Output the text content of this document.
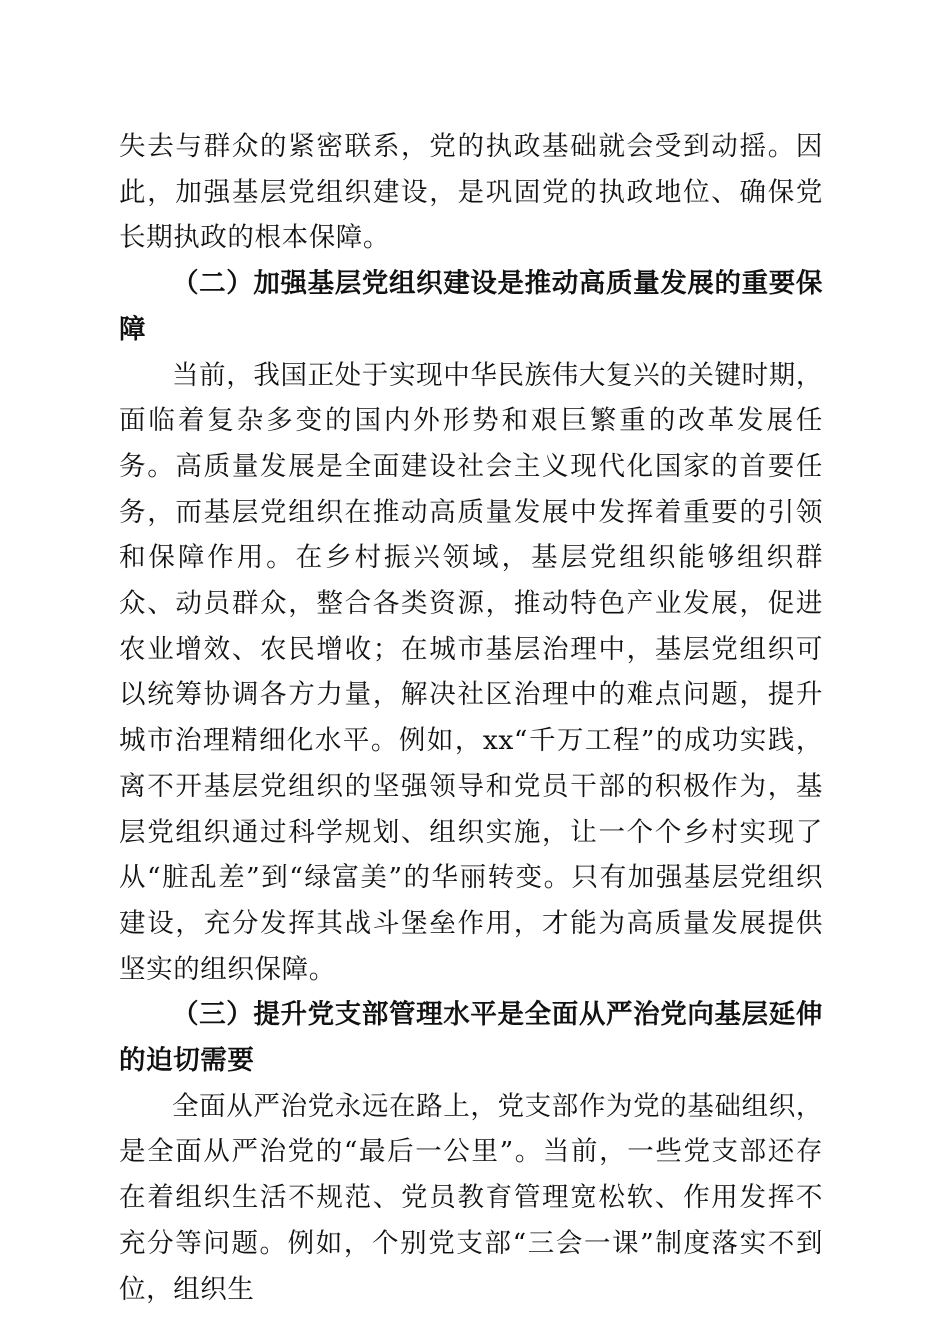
失去与群众的紧密联系，党的执政基础就会受到动摇。因此，加强基层党组织建设，是巩固党的执政地位、确保党长期执政的根本保障。

（二）加强基层党组织建设是推动高质量发展的重要保障

当前，我国正处于实现中华民族伟大复兴的关键时期，面临着复杂多变的国内外形势和艰巨繁重的改革发展任务。高质量发展是全面建设社会主义现代化国家的首要任务，而基层党组织在推动高质量发展中发挥着重要的引领和保障作用。在乡村振兴领域，基层党组织能够组织群众、动员群众，整合各类资源，推动特色产业发展，促进农业增效、农民增收；在城市基层治理中，基层党组织可以统筹协调各方力量，解决社区治理中的难点问题，提升城市治理精细化水平。例如，xx“千万工程”的成功实践，离不开基层党组织的坚强领导和党员干部的积极作为，基层党组织通过科学规划、组织实施，让一个个乡村实现了从“脏乱差”到“绿富美”的华丽转变。只有加强基层党组织建设，充分发挥其战斗堡垒作用，才能为高质量发展提供坚实的组织保障。

（三）提升党支部管理水平是全面从严治党向基层延伸的迫切需要

全面从严治党永远在路上，党支部作为党的基础组织，是全面从严治党的“最后一公里”。当前，一些党支部还存在着组织生活不规范、党员教育管理宽松软、作用发挥不充分等问题。例如，个别党支部“三会一课”制度落实不到位，组织生
